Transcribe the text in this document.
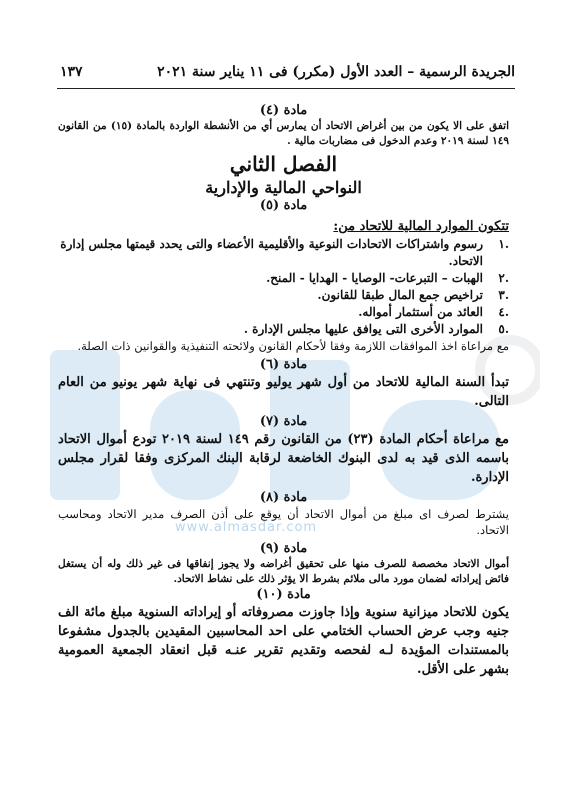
www.almasdar.com
الجريدة الرسمية – العدد الأول (مكرر) فى ١١ يناير سنة ٢٠٢١
١٣٧

مادة (٤)

اتفق على الا يكون من بين أغراض الاتحاد أن يمارس أي من الأنشطة الواردة بالمادة (١٥) من القانون ١٤٩ لسنة ٢٠١٩ وعدم الدخول فى مضاربات مالية .

الفصل الثاني

النواحي المالية والإدارية

مادة (٥)

تتكون الموارد المالية للاتحاد من:

.١
رسوم واشتراكات الاتحادات النوعية والأقليمية الأعضاء والتى يحدد قيمتها مجلس إدارة الاتحاد.
.٢
الهبات – التبرعات- الوصايا - الهدايا - المنح.
.٣
تراخيص جمع المال طبقا للقانون.
.٤
العائد من أستثمار أمواله.
.٥
الموارد الأخرى التى يوافق عليها مجلس الإدارة .

مع مراعاة اخذ الموافقات اللازمة وفقا لأحكام القانون ولائحته التنفيذية والقوانين ذات الصلة.

مادة (٦)

تبدأ السنة المالية للاتحاد من أول شهر يوليو وتنتهي فى نهاية شهر يونيو من العام التالى.

مادة (٧)

مع مراعاة أحكام المادة (٢٣) من القانون رقم ١٤٩ لسنة ٢٠١٩ تودع أموال الاتحاد باسمه الذى قيد به لدى البنوك الخاضعة لرقابة البنك المركزى وفقا لقرار مجلس الإدارة.

مادة (٨)

يشترط لصرف اى مبلغ من أموال الاتحاد أن يوقع على أذن الصرف مدير الاتحاد ومحاسب الاتحاد.

مادة (٩)

أموال الاتحاد مخصصة للصرف منها على تحقيق أغراضه ولا يجوز إنفاقها فى غير ذلك وله أن يستغل فائض إيراداته لضمان مورد مالى ملائم بشرط الا يؤثر ذلك على نشاط الاتحاد.

مادة (١٠)

يكون للاتحاد ميزانية سنوية وإذا جاوزت مصروفاته أو إيراداته السنوية مبلغ مائة الف جنيه وجب عرض الحساب الختامي على احد المحاسبين المقيدين بالجدول مشفوعا بالمستندات المؤيدة لـه لفحصه وتقديم تقرير عنـه قبل انعقاد الجمعية العمومية بشهر على الأقل.
